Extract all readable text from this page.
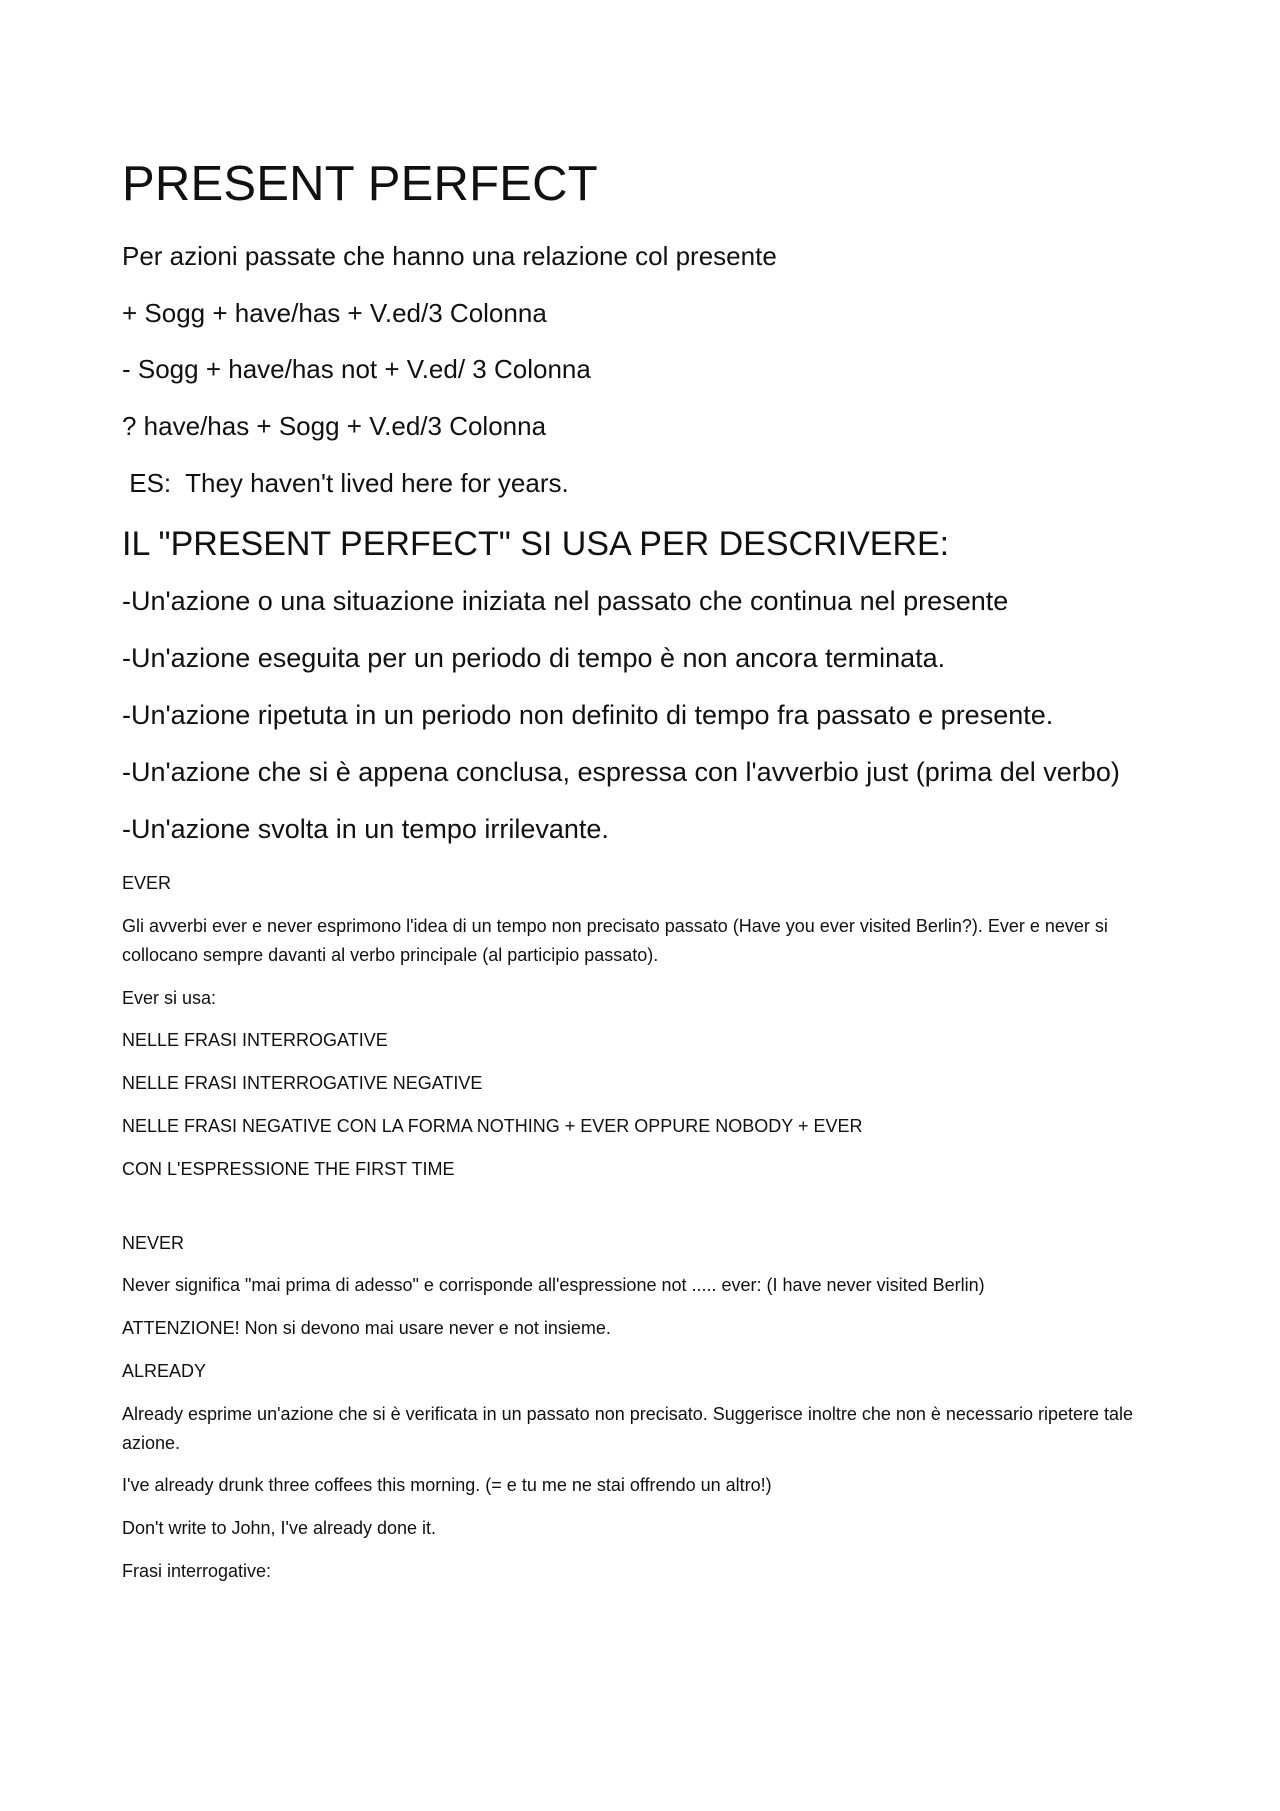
PRESENT PERFECT

Per azioni passate che hanno una relazione col presente

+ Sogg + have/has + V.ed/3 Colonna

- Sogg + have/has not + V.ed/ 3 Colonna

? have/has + Sogg + V.ed/3 Colonna

ES:  They haven't lived here for years.

IL "PRESENT PERFECT" SI USA PER DESCRIVERE:

-Un'azione o una situazione iniziata nel passato che continua nel presente

-Un'azione eseguita per un periodo di tempo è non ancora terminata.

-Un'azione ripetuta in un periodo non definito di tempo fra passato e presente.

-Un'azione che si è appena conclusa, espressa con l'avverbio just (prima del verbo)

-Un'azione svolta in un tempo irrilevante.

EVER

Gli avverbi ever e never esprimono l'idea di un tempo non precisato passato (Have you ever visited Berlin?). Ever e never si collocano sempre davanti al verbo principale (al participio passato).

Ever si usa:

NELLE FRASI INTERROGATIVE

NELLE FRASI INTERROGATIVE NEGATIVE

NELLE FRASI NEGATIVE CON LA FORMA NOTHING + EVER OPPURE NOBODY + EVER

CON L'ESPRESSIONE THE FIRST TIME

NEVER

Never significa "mai prima di adesso" e corrisponde all'espressione not ..... ever: (I have never visited Berlin)

ATTENZIONE! Non si devono mai usare never e not insieme.

ALREADY

Already esprime un'azione che si è verificata in un passato non precisato. Suggerisce inoltre che non è necessario ripetere tale azione.

I've already drunk three coffees this morning. (= e tu me ne stai offrendo un altro!)

Don't write to John, I've already done it.

Frasi interrogative:
